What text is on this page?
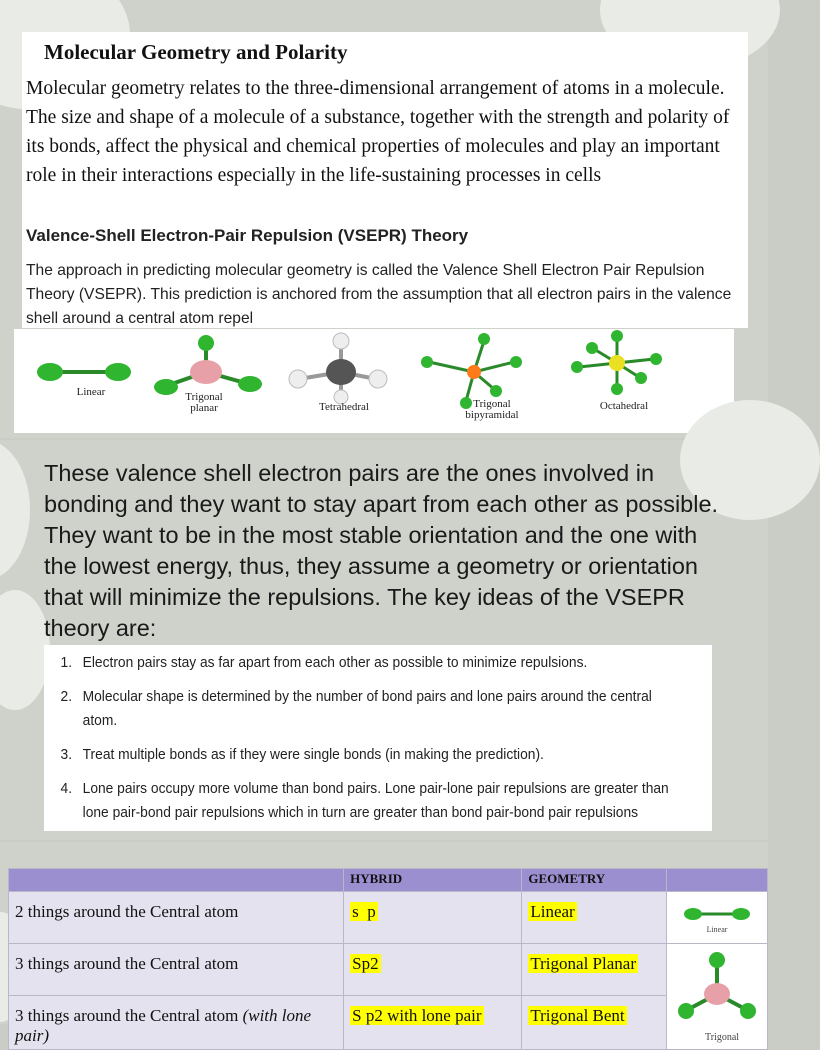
Molecular Geometry and Polarity
Molecular geometry relates to the three-dimensional arrangement of atoms in a molecule. The size and shape of a molecule of a substance, together with the strength and polarity of its bonds, affect the physical and chemical properties of molecules and play an important role in their interactions especially in the life-sustaining processes in cells
Valence-Shell Electron-Pair Repulsion (VSEPR) Theory
The approach in predicting molecular geometry is called the Valence Shell Electron Pair Repulsion Theory (VSEPR). This prediction is anchored from the assumption that all electron pairs in the valence shell around a central atom repel
Linear	Trigonal
planar	Tetrahedral	Trigonal
bipyramidal
Octahedral
These valence shell electron pairs are the ones involved in bonding and they want to stay apart from each other as possible. They want to be in the most stable orientation and the one with the lowest energy, thus, they assume a geometry or orientation that will minimize the repulsions. The key ideas of the VSEPR theory are:
1. Electron pairs stay as far apart from each other as possible to minimize repulsions.
2. Molecular shape is determined by the number of bond pairs and lone pairs around the central atom.
3. Treat multiple bonds as if they were single bonds (in making the prediction).
4. Lone pairs occupy more volume than bond pairs. Lone pair-lone pair repulsions are greater than lone pair-bond pair repulsions which in turn are greater than bond pair-bond pair repulsions

	HYBRID	GEOMETRY	

2 things around the Central atom	s  p	Linear	Linear

3 things around the Central atom	Sp2	Trigonal Planar	Trigonal

3 things around the Central atom (with lone pair)	S p2 with lone pair	Trigonal Bent	
